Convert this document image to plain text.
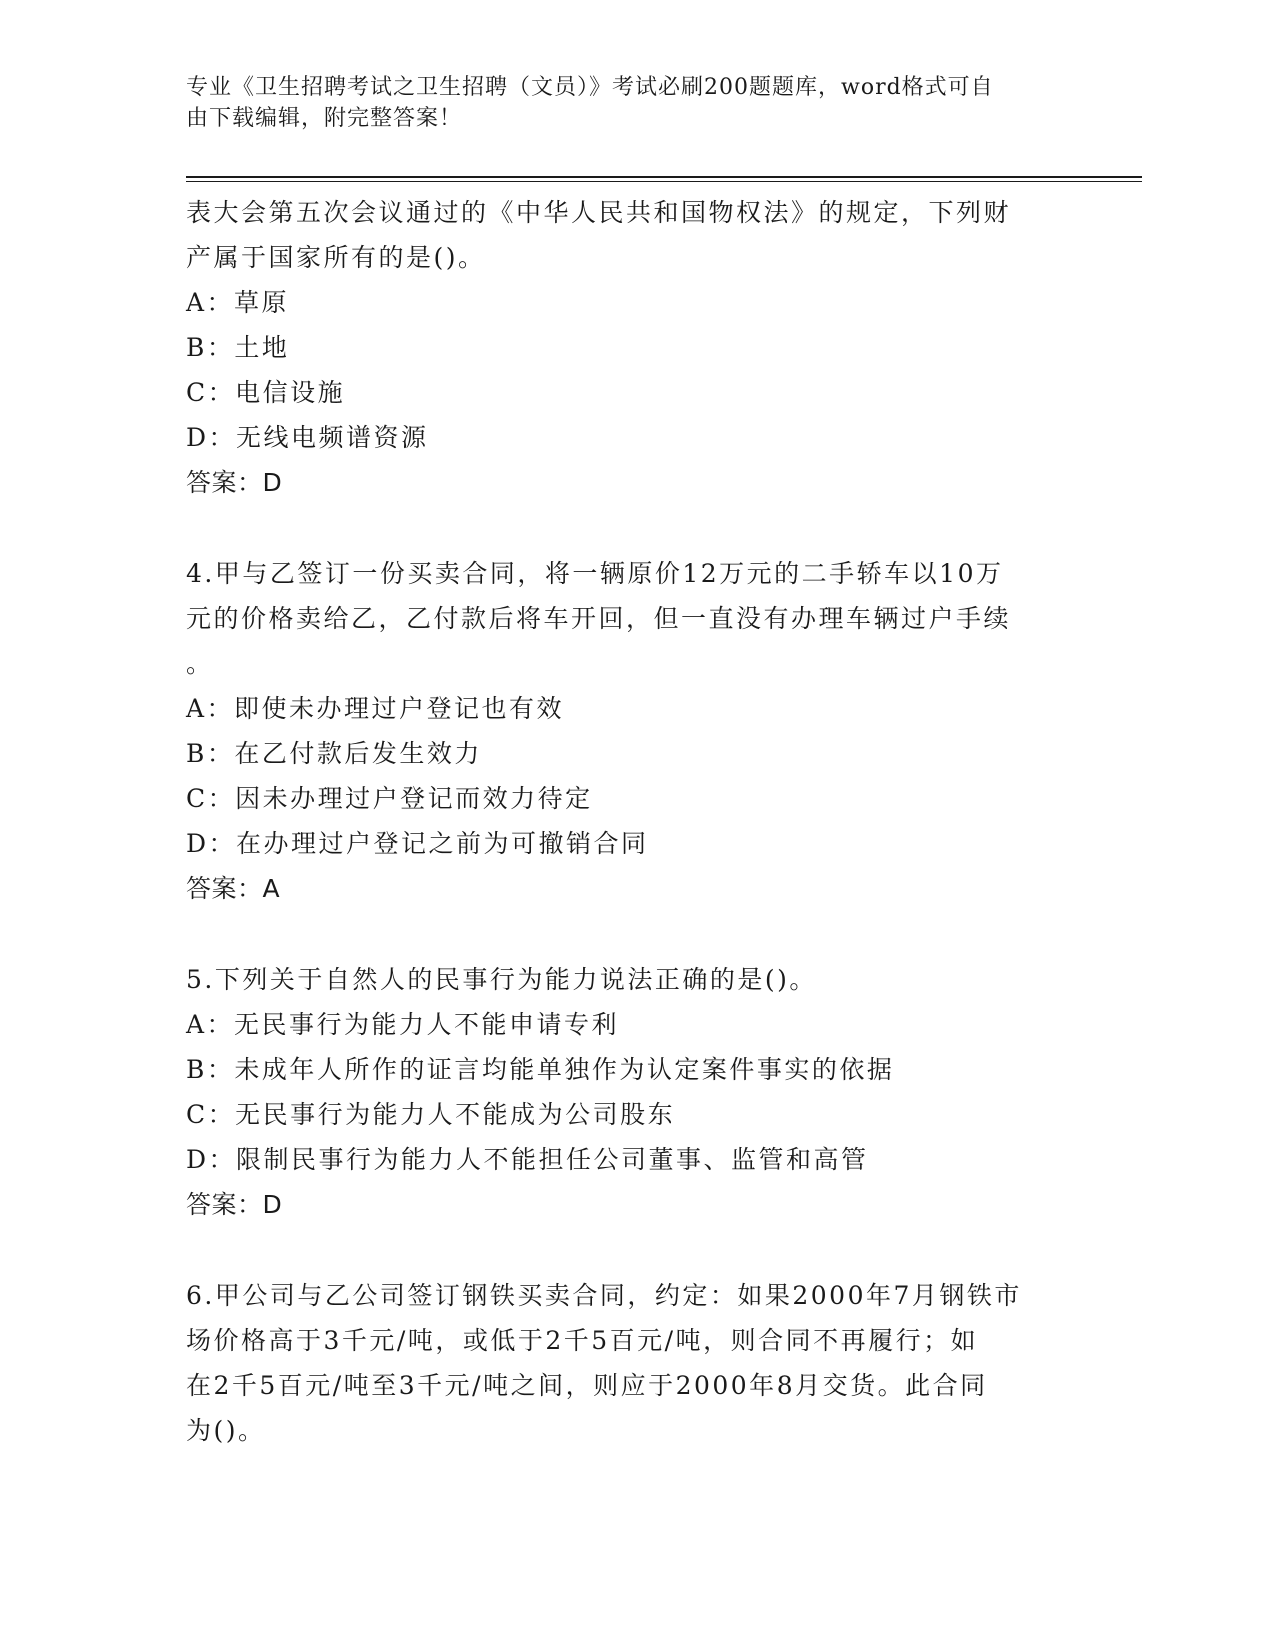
专业《卫生招聘考试之卫生招聘（文员）》考试必刷200题题库，word格式可自
由下载编辑，附完整答案！
表大会第五次会议通过的《中华人民共和国物权法》的规定，下列财
产属于国家所有的是()。
A：草原
B：土地
C：电信设施
D：无线电频谱资源
答案：D
4.甲与乙签订一份买卖合同，将一辆原价12万元的二手轿车以10万
元的价格卖给乙，乙付款后将车开回，但一直没有办理车辆过户手续
。
A：即使未办理过户登记也有效
B：在乙付款后发生效力
C：因未办理过户登记而效力待定
D：在办理过户登记之前为可撤销合同
答案：A
5.下列关于自然人的民事行为能力说法正确的是()。
A：无民事行为能力人不能申请专利
B：未成年人所作的证言均能单独作为认定案件事实的依据
C：无民事行为能力人不能成为公司股东
D：限制民事行为能力人不能担任公司董事、监管和高管
答案：D
6.甲公司与乙公司签订钢铁买卖合同，约定：如果2000年7月钢铁市
场价格高于3千元/吨，或低于2千5百元/吨，则合同不再履行；如
在2千5百元/吨至3千元/吨之间，则应于2000年8月交货。此合同
为()。
